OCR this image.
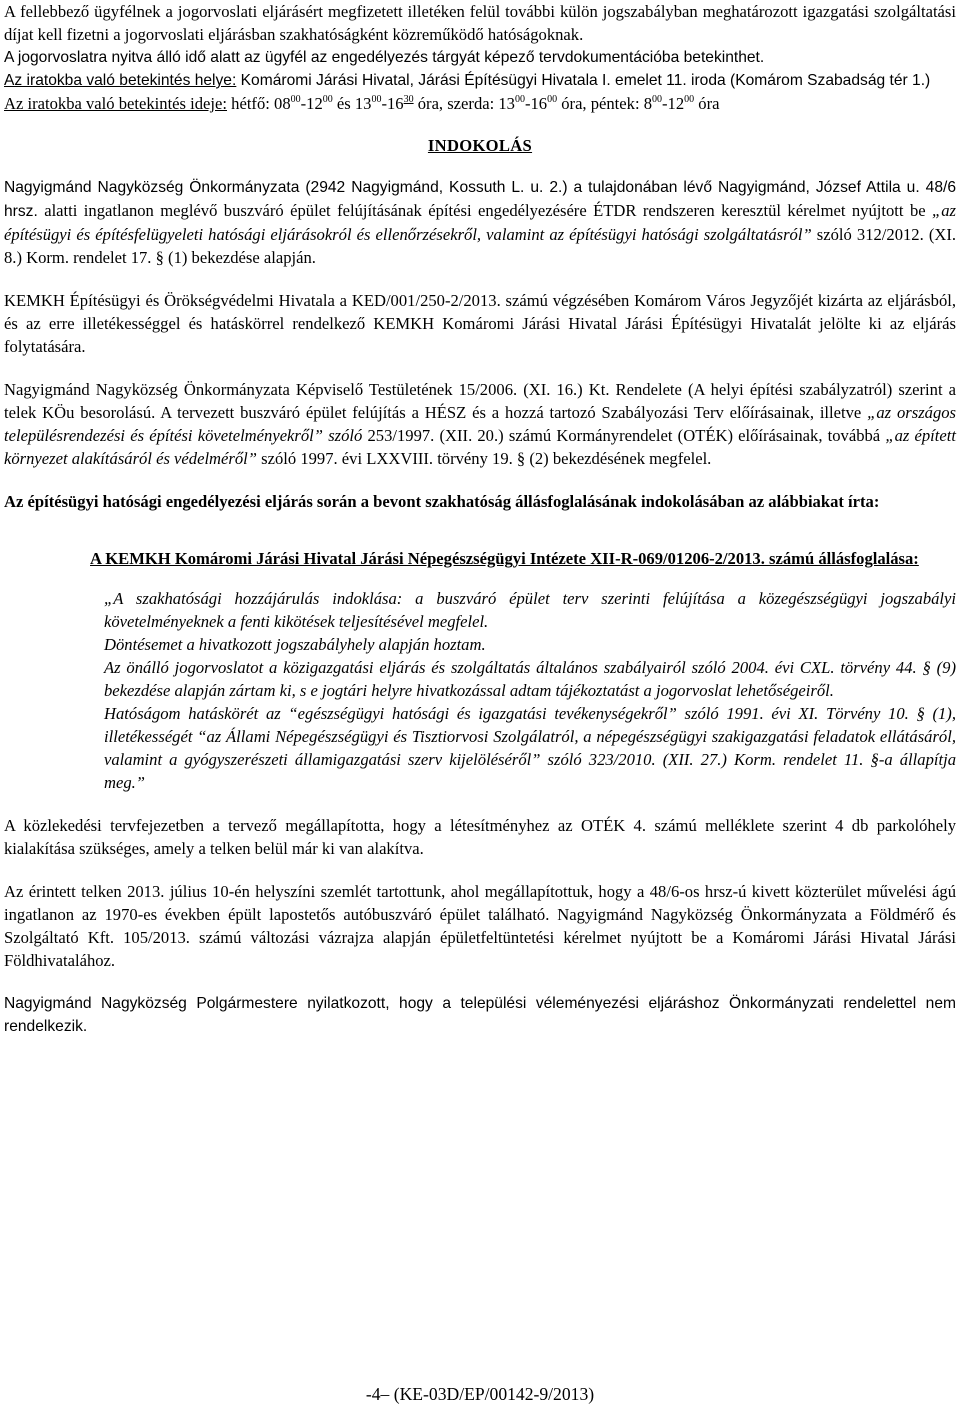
A fellebbező ügyfélnek a jogorvoslati eljárásért megfizetett illetéken felül további külön jogszabályban meghatározott igazgatási szolgáltatási díjat kell fizetni a jogorvoslati eljárásban szakhatóságként közreműködő hatóságoknak.

A jogorvoslatra nyitva álló idő alatt az ügyfél az engedélyezés tárgyát képező tervdokumentációba betekinthet.

Az iratokba való betekintés helye: Komáromi Járási Hivatal, Járási Építésügyi Hivatala I. emelet 11. iroda (Komárom Szabadság tér 1.)

Az iratokba való betekintés ideje: hétfő: $08^{00}-12^{00}$ és $13^{00}-16^{30}$ óra, szerda: $13^{00}-16^{00}$ óra, péntek: $8^{00}-12^{00}$ óra

INDOKOLÁS

Nagyigmánd Nagyközség Önkormányzata (2942 Nagyigmánd, Kossuth L. u. 2.) a tulajdonában lévő Nagyigmánd, József Attila u. 48/6 hrsz. alatti ingatlanon meglévő buszváró épület felújításának építési engedélyezésére ÉTDR rendszeren keresztül kérelmet nyújtott be „az építésügyi és építésfelügyeleti hatósági eljárásokról és ellenőrzésekről, valamint az építésügyi hatósági szolgáltatásról” szóló 312/2012. (XI. 8.) Korm. rendelet 17. § (1) bekezdése alapján.

KEMKH Építésügyi és Örökségvédelmi Hivatala a KED/001/250-2/2013. számú végzésében Komárom Város Jegyzőjét kizárta az eljárásból, és az erre illetékességgel és hatáskörrel rendelkező KEMKH Komáromi Járási Hivatal Járási Építésügyi Hivatalát jelölte ki az eljárás folytatására.

Nagyigmánd Nagyközség Önkormányzata Képviselő Testületének 15/2006. (XI. 16.) Kt. Rendelete (A helyi építési szabályzatról) szerint a telek KÖu besorolású. A tervezett buszváró épület felújítás a HÉSZ és a hozzá tartozó Szabályozási Terv előírásainak, illetve „az országos településrendezési és építési követelményekről” szóló 253/1997. (XII. 20.) számú Kormányrendelet (OTÉK) előírásainak, továbbá „az épített környezet alakításáról és védelméről” szóló 1997. évi LXXVIII. törvény 19. § (2) bekezdésének megfelel.

Az építésügyi hatósági engedélyezési eljárás során a bevont szakhatóság állásfoglalásának indokolásában az alábbiakat írta:

A KEMKH Komáromi Járási Hivatal Járási Népegészségügyi Intézete XII-R-069/01206-2/2013. számú állásfoglalása:

„A szakhatósági hozzájárulás indoklása: a buszváró épület terv szerinti felújítása a közegészségügyi jogszabályi követelményeknek a fenti kikötések teljesítésével megfelel.
Döntésemet a hivatkozott jogszabályhely alapján hoztam.
Az önálló jogorvoslatot a közigazgatási eljárás és szolgáltatás általános szabályairól szóló 2004. évi CXL. törvény 44. § (9) bekezdése alapján zártam ki, s e jogtári helyre hivatkozással adtam tájékoztatást a jogorvoslat lehetőségeiről.
Hatóságom hatáskörét az “egészségügyi hatósági és igazgatási tevékenységekről” szóló 1991. évi XI. Törvény 10. § (1), illetékességét “az Állami Népegészségügyi és Tisztiorvosi Szolgálatról, a népegészségügyi szakigazgatási feladatok ellátásáról, valamint a gyógyszerészeti államigazgatási szerv kijelöléséről” szóló 323/2010. (XII. 27.) Korm. rendelet 11. §-a állapítja meg.”

A közlekedési tervfejezetben a tervező megállapította, hogy a létesítményhez az OTÉK 4. számú melléklete szerint 4 db parkolóhely kialakítása szükséges, amely a telken belül már ki van alakítva.

Az érintett telken 2013. július 10-én helyszíni szemlét tartottunk, ahol megállapítottuk, hogy a 48/6-os hrsz-ú kivett közterület művelési ágú ingatlanon az 1970-es években épült lapostetős autóbuszváró épület található. Nagyigmánd Nagyközség Önkormányzata a Földmérő és Szolgáltató Kft. 105/2013. számú változási vázrajza alapján épületfeltüntetési kérelmet nyújtott be a Komáromi Járási Hivatal Járási Földhivatalához.

Nagyigmánd Nagyközség Polgármestere nyilatkozott, hogy a települési véleményezési eljáráshoz Önkormányzati rendelettel nem rendelkezik.

-4– (KE-03D/EP/00142-9/2013)
